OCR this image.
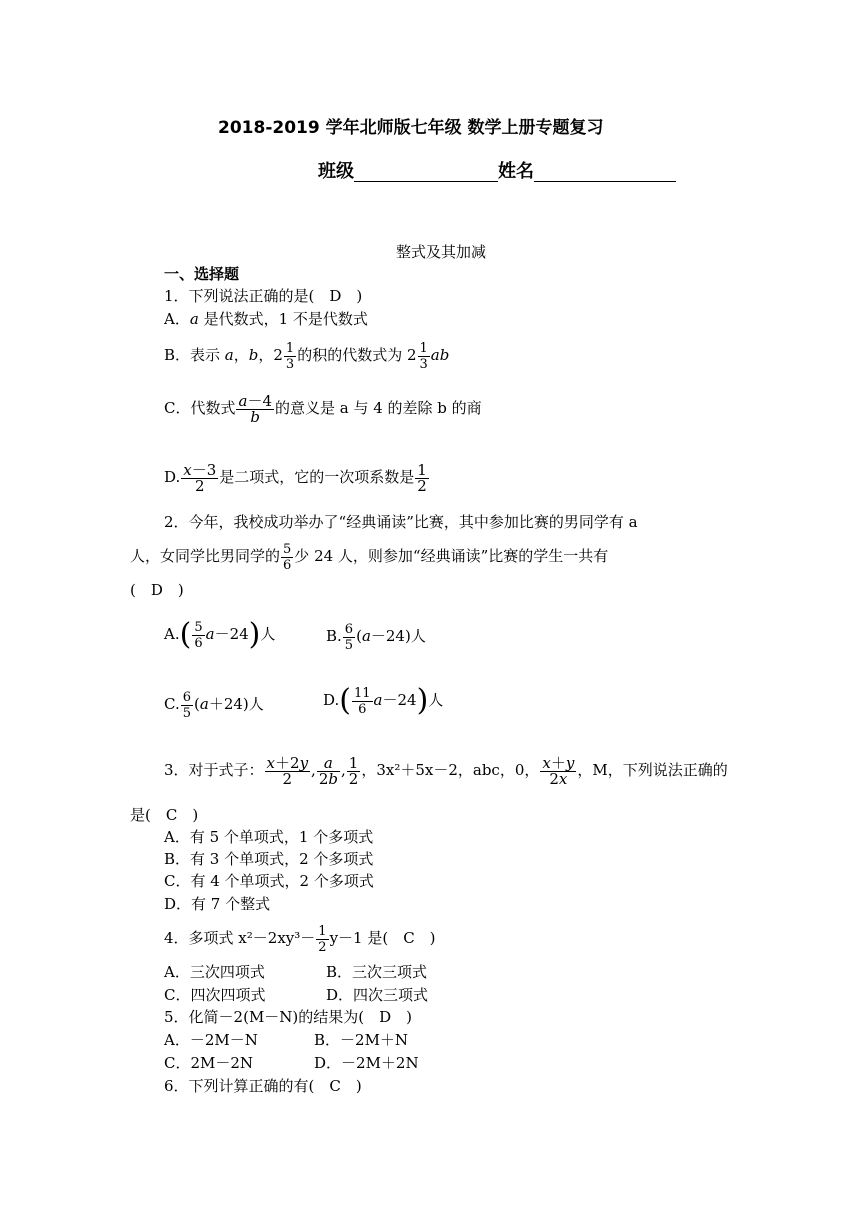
2018-2019 学年北师版七年级 数学上册专题复习
班级	姓名
整式及其加减
一、选择题
1．下列说法正确的是(　D　)
A．a 是代数式，1 不是代数式
B．表示 a，b，$2 \frac{1}{3}$ 的积的代数式为 $2 \frac{1}{3}$ ab
C．代数式 $\frac{a-4}{b}$ 的意义是 a 与 4 的差除 b 的商
D. $\frac{x-3}{2}$ 是二项式，它的一次项系数是 $\frac{1}{2}$
2．今年，我校成功举办了“经典诵读”比赛，其中参加比赛的男同学有 a
人，女同学比男同学的 $\frac{5}{6}$ 少 24 人，则参加“经典诵读”比赛的学生一共有
(　D　)
$A.( \frac{5}{6} a-24)$人	B. $\frac{6}{5} (a-24)$人
C. $\frac{6}{5} (a+24)$人	$D.( \frac{11}{6} a-24)$人
3．对于式子： $\frac{x+2y}{2}$ , $\frac{a}{2b}$ , $\frac{1}{2}$ ，3x²＋5x－2，abc，0， $\frac{x+y}{2x}$ ，M，下列说法正确的
是(　C　)
A．有 5 个单项式，1 个多项式
B．有 3 个单项式，2 个多项式
C．有 4 个单项式，2 个多项式
D．有 7 个整式
4．多项式 $x^2-2xy^3- \frac{1}{2} y-1$ 是(　C　)
A．三次四项式	B．三次三项式
C．四次四项式	D．四次三项式
5．化简－2(M－N)的结果为(　D　)
A．－2M－N	B．－2M＋N
C．2M－2N	D．－2M＋2N
6．下列计算正确的有(　C　)
